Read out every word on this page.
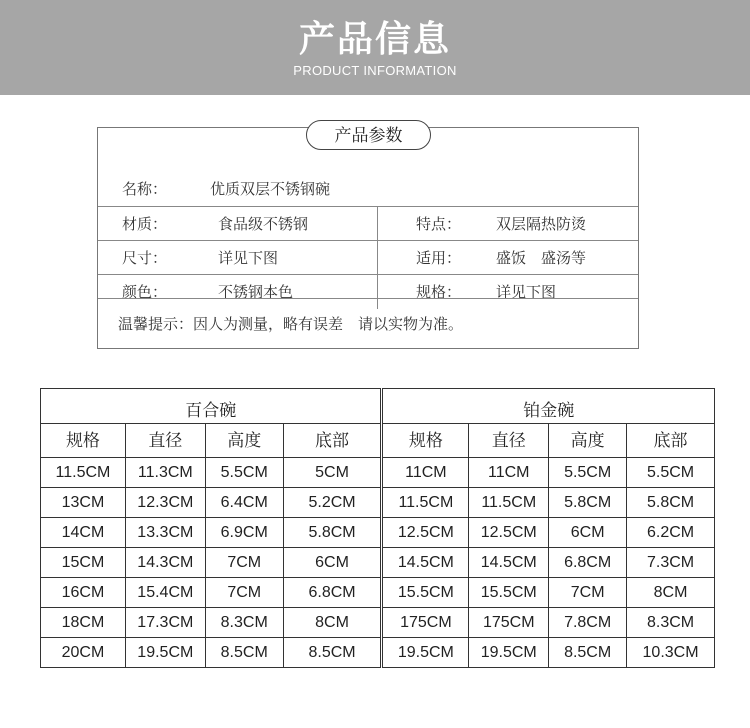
产品信息
PRODUCT INFORMATION
产品参数
名称：	优质双层不锈钢碗
材质：	食品级不锈钢	特点： 双层隔热防烫
尺寸：	详见下图	适用： 盛饭　盛汤等
颜色：	不锈钢本色	规格： 详见下图
温馨提示：因人为测量，略有误差　请以实物为准。
百合碗				铂金碗			
规格	直径	高度	底部	规格	直径	高度	底部
11.5CM	11.3CM	5.5CM	5CM	11CM	11CM	5.5CM	5.5CM
13CM	12.3CM	6.4CM	5.2CM	11.5CM	11.5CM	5.8CM	5.8CM
14CM	13.3CM	6.9CM	5.8CM	12.5CM	12.5CM	6CM	6.2CM
15CM	14.3CM	7CM	6CM	14.5CM	14.5CM	6.8CM	7.3CM
16CM	15.4CM	7CM	6.8CM	15.5CM	15.5CM	7CM	8CM
18CM	17.3CM	8.3CM	8CM	175CM	175CM	7.8CM	8.3CM
20CM	19.5CM	8.5CM	8.5CM	19.5CM	19.5CM	8.5CM	10.3CM
